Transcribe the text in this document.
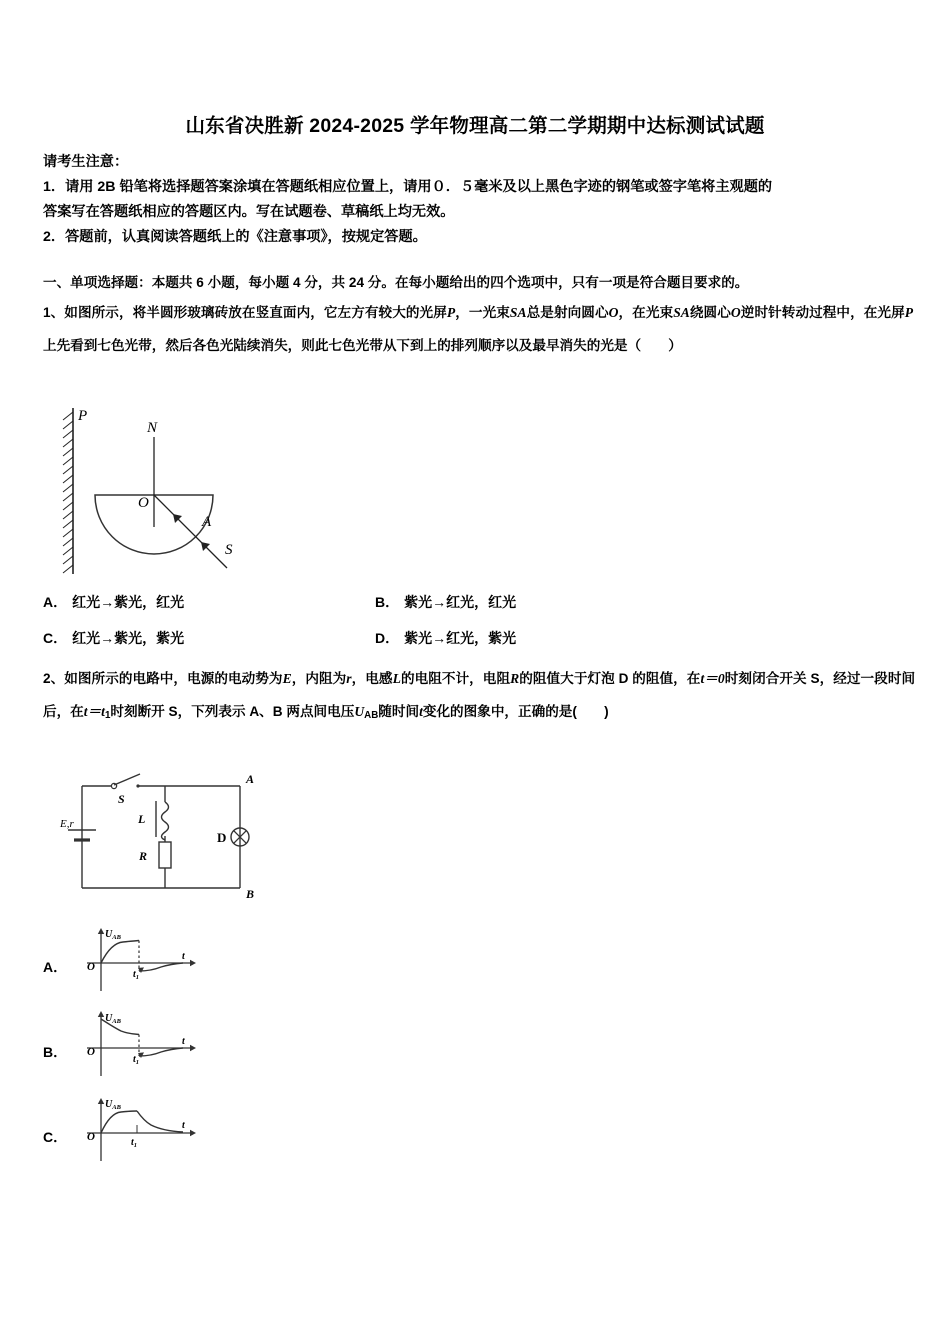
山东省决胜新 2024-2025 学年物理高二第二学期期中达标测试试题
请考生注意：
1．请用 2B 铅笔将选择题答案涂填在答题纸相应位置上，请用０．５毫米及以上黑色字迹的钢笔或签字笔将主观题的
答案写在答题纸相应的答题区内。写在试题卷、草稿纸上均无效。
2．答题前，认真阅读答题纸上的《注意事项》，按规定答题。
一、单项选择题：本题共 6 小题，每小题 4 分，共 24 分。在每小题给出的四个选项中，只有一项是符合题目要求的。
1、如图所示，将半圆形玻璃砖放在竖直面内，它左方有较大的光屏P，一光束SA总是射向圆心O，在光束SA绕圆心O逆时针转动过程中，在光屏P上先看到七色光带，然后各色光陆续消失，则此七色光带从下到上的排列顺序以及最早消失的光是（　　）
P
N
O
A
S
A． 红光→紫光，红光	B． 紫光→红光，红光
C． 红光→紫光，紫光	D． 紫光→红光，紫光
2、如图所示的电路中，电源的电动势为E，内阻为r，电感L的电阻不计，电阻R的阻值大于灯泡 D 的阻值，在t＝0时刻闭合开关 S，经过一段时间后，在$t=t_1$时刻断开 S，下列表示 A、B 两点间电压$U_{AB}$随时间t变化的图象中，正确的是(　　)
E,r
S
L
R
D
A
B
A．
$U_{AB}$
O
$t_1$
t
B．
$U_{AB}$
O
$t_1$
t
C．
$U_{AB}$
O	$t_1$
t
